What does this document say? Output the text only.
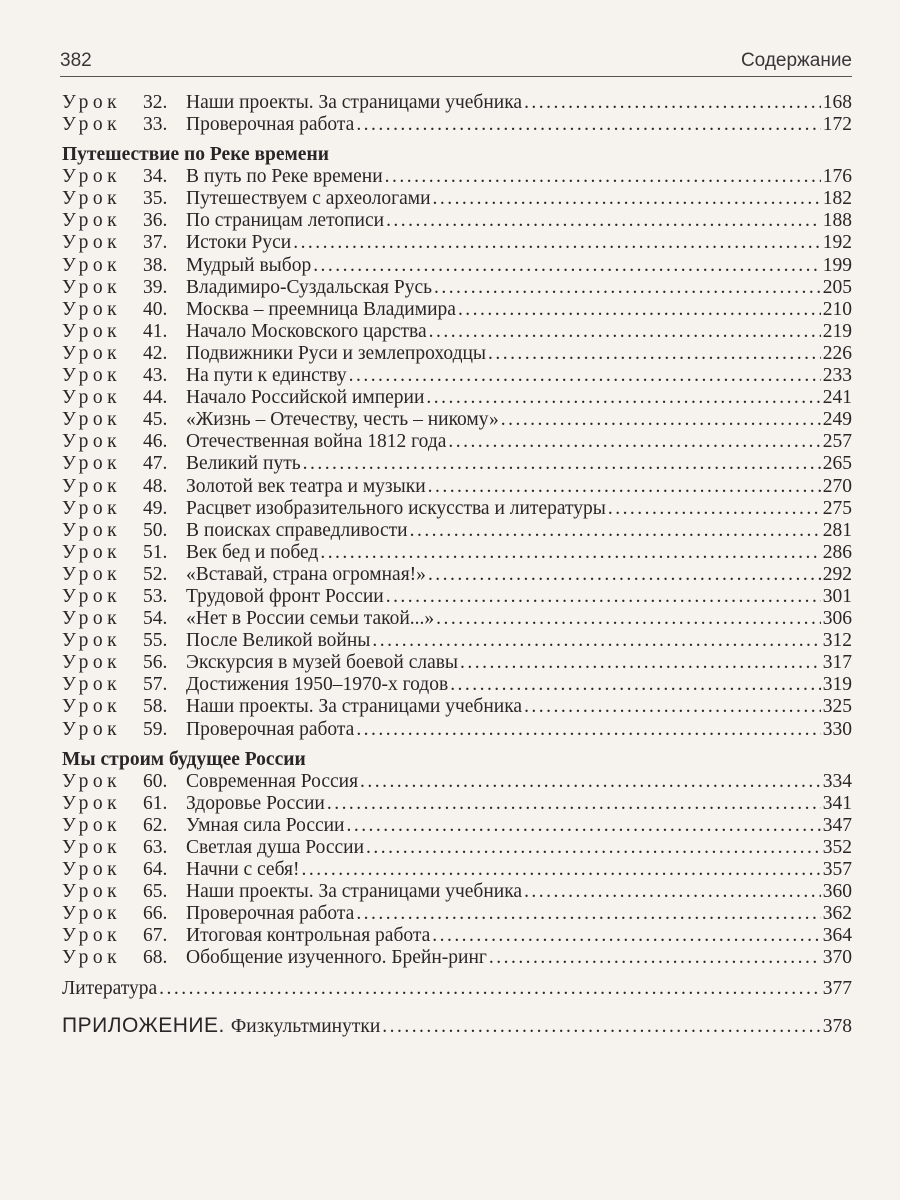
382	Содержание
Урок	32. Наши проекты. За страницами учебника . . .	168
Урок	33. Проверочная работа . . .	172
Путешествие по Реке времени
Урок	34. В путь по Реке времени . . .	176
Урок	35. Путешествуем с археологами . . .	182
Урок	36. По страницам летописи . . .	188
Урок	37. Истоки Руси . . .	192
Урок	38. Мудрый выбор . . .	199
Урок	39. Владимиро-Суздальская Русь . . .	205
Урок	40. Москва – преемница Владимира . . .	210
Урок	41. Начало Московского царства . . .	219
Урок	42. Подвижники Руси и землепроходцы . . .	226
Урок	43. На пути к единству . . .	233
Урок	44. Начало Российской империи . . .	241
Урок	45. «Жизнь – Отечеству, честь – никому» . . .	249
Урок	46. Отечественная война 1812 года . . .	257
Урок	47. Великий путь . . .	265
Урок	48. Золотой век театра и музыки . . .	270
Урок	49. Расцвет изобразительного искусства и литературы . . .	275
Урок	50. В поисках справедливости . . .	281
Урок	51. Век бед и побед . . .	286
Урок	52. «Вставай, страна огромная!» . . .	292
Урок	53. Трудовой фронт России . . .	301
Урок	54. «Нет в России семьи такой...» . . .	306
Урок	55. После Великой войны . . .	312
Урок	56. Экскурсия в музей боевой славы . . .	317
Урок	57. Достижения 1950–1970-х годов . . .	319
Урок	58. Наши проекты. За страницами учебника . . .	325
Урок	59. Проверочная работа . . .	330
Мы строим будущее России
Урок	60. Современная Россия . . .	334
Урок	61. Здоровье России . . .	341
Урок	62. Умная сила России . . .	347
Урок	63. Светлая душа России . . .	352
Урок	64. Начни с себя! . . .	357
Урок	65. Наши проекты. За страницами учебника . . .	360
Урок	66. Проверочная работа . . .	362
Урок	67. Итоговая контрольная работа . . .	364
Урок	68. Обобщение изученного. Брейн-ринг . . .	370
Литература . . .	377
ПРИЛОЖЕНИЕ. Физкультминутки . . .	378
